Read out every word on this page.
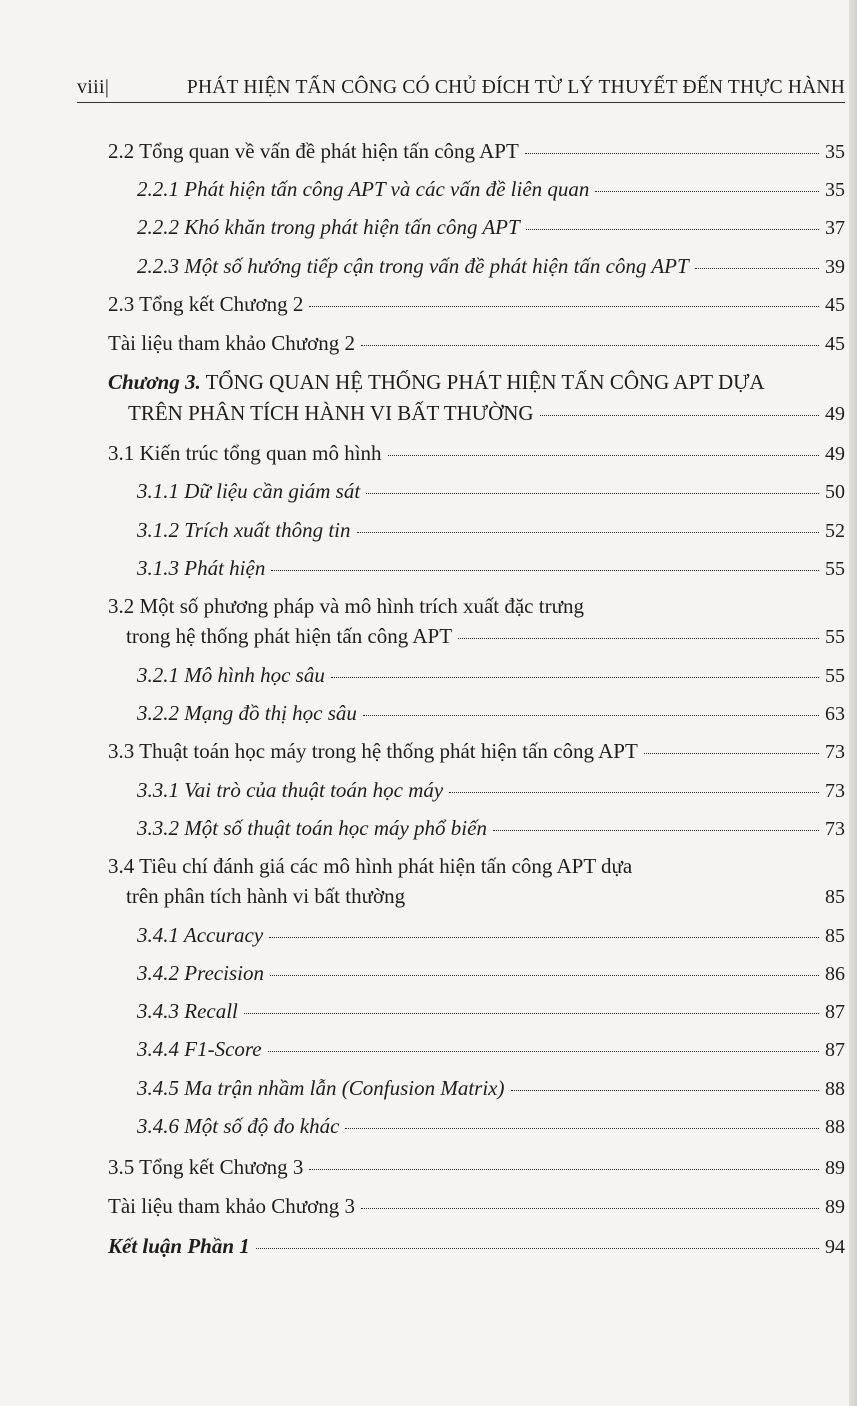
viii|	PHÁT HIỆN TẤN CÔNG CÓ CHỦ ĐÍCH TỪ LÝ THUYẾT ĐẾN THỰC HÀNH
2.2 Tổng quan về vấn đề phát hiện tấn công APT	35
2.2.1 Phát hiện tấn công APT và các vấn đề liên quan	35
2.2.2 Khó khăn trong phát hiện tấn công APT	37
2.2.3 Một số hướng tiếp cận trong vấn đề phát hiện tấn công APT	39
2.3 Tổng kết Chương 2	45
Tài liệu tham khảo Chương 2	45
Chương 3. TỔNG QUAN HỆ THỐNG PHÁT HIỆN TẤN CÔNG APT DỰA
TRÊN PHÂN TÍCH HÀNH VI BẤT THƯỜNG	49
3.1 Kiến trúc tổng quan mô hình	49
3.1.1 Dữ liệu cần giám sát	50
3.1.2 Trích xuất thông tin	52
3.1.3 Phát hiện	55
3.2 Một số phương pháp và mô hình trích xuất đặc trưng
trong hệ thống phát hiện tấn công APT	55
3.2.1 Mô hình học sâu	55
3.2.2 Mạng đồ thị học sâu	63
3.3 Thuật toán học máy trong hệ thống phát hiện tấn công APT	73
3.3.1 Vai trò của thuật toán học máy	73
3.3.2 Một số thuật toán học máy phổ biến	73
3.4 Tiêu chí đánh giá các mô hình phát hiện tấn công APT dựa
trên phân tích hành vi bất thường	85
3.4.1 Accuracy	85
3.4.2 Precision	86
3.4.3 Recall	87
3.4.4 F1-Score	87
3.4.5 Ma trận nhầm lẫn (Confusion Matrix)	88
3.4.6 Một số độ đo khác	88
3.5 Tổng kết Chương 3	89
Tài liệu tham khảo Chương 3	89
Kết luận Phần 1	94
